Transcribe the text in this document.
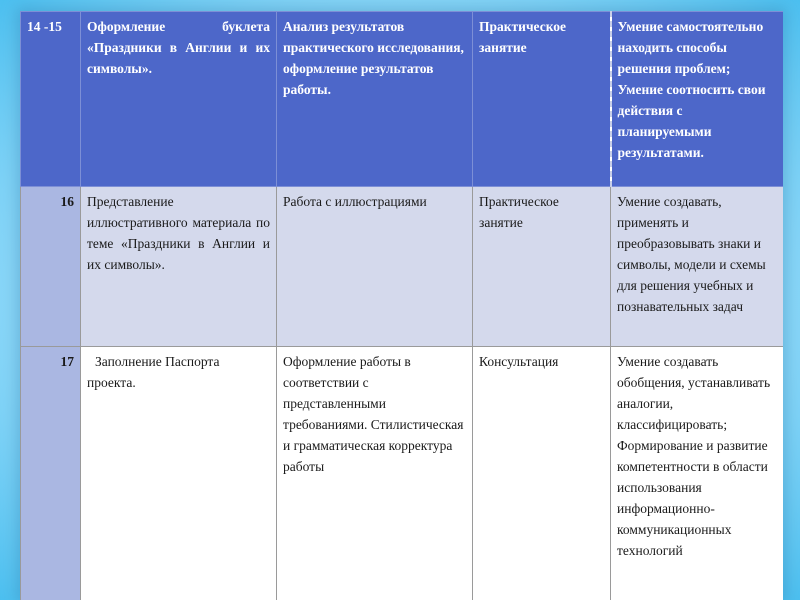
14 -15	Оформление буклета «Праздники в Англии и их символы».	Анализ результатов практического исследования, оформление результатов работы.	Практическое занятие	Умение самостоятельно находить способы решения проблем; Умение соотносить свои действия с планируемыми результатами.

16	Представление иллюстративного материала по теме «Праздники в Англии и их символы».	Работа с иллюстрациями	Практическое занятие	Умение создавать, применять и преобразовывать знаки и символы, модели и схемы для решения учебных и познавательных задач

17	Заполнение Паспорта проекта.	Оформление работы в соответствии с представленными требованиями. Стилистическая и грамматическая корректура работы	Консультация	Умение создавать обобщения, устанавливать аналогии, классифицировать; Формирование и развитие компетентности в области использования информационно-коммуникационных технологий
